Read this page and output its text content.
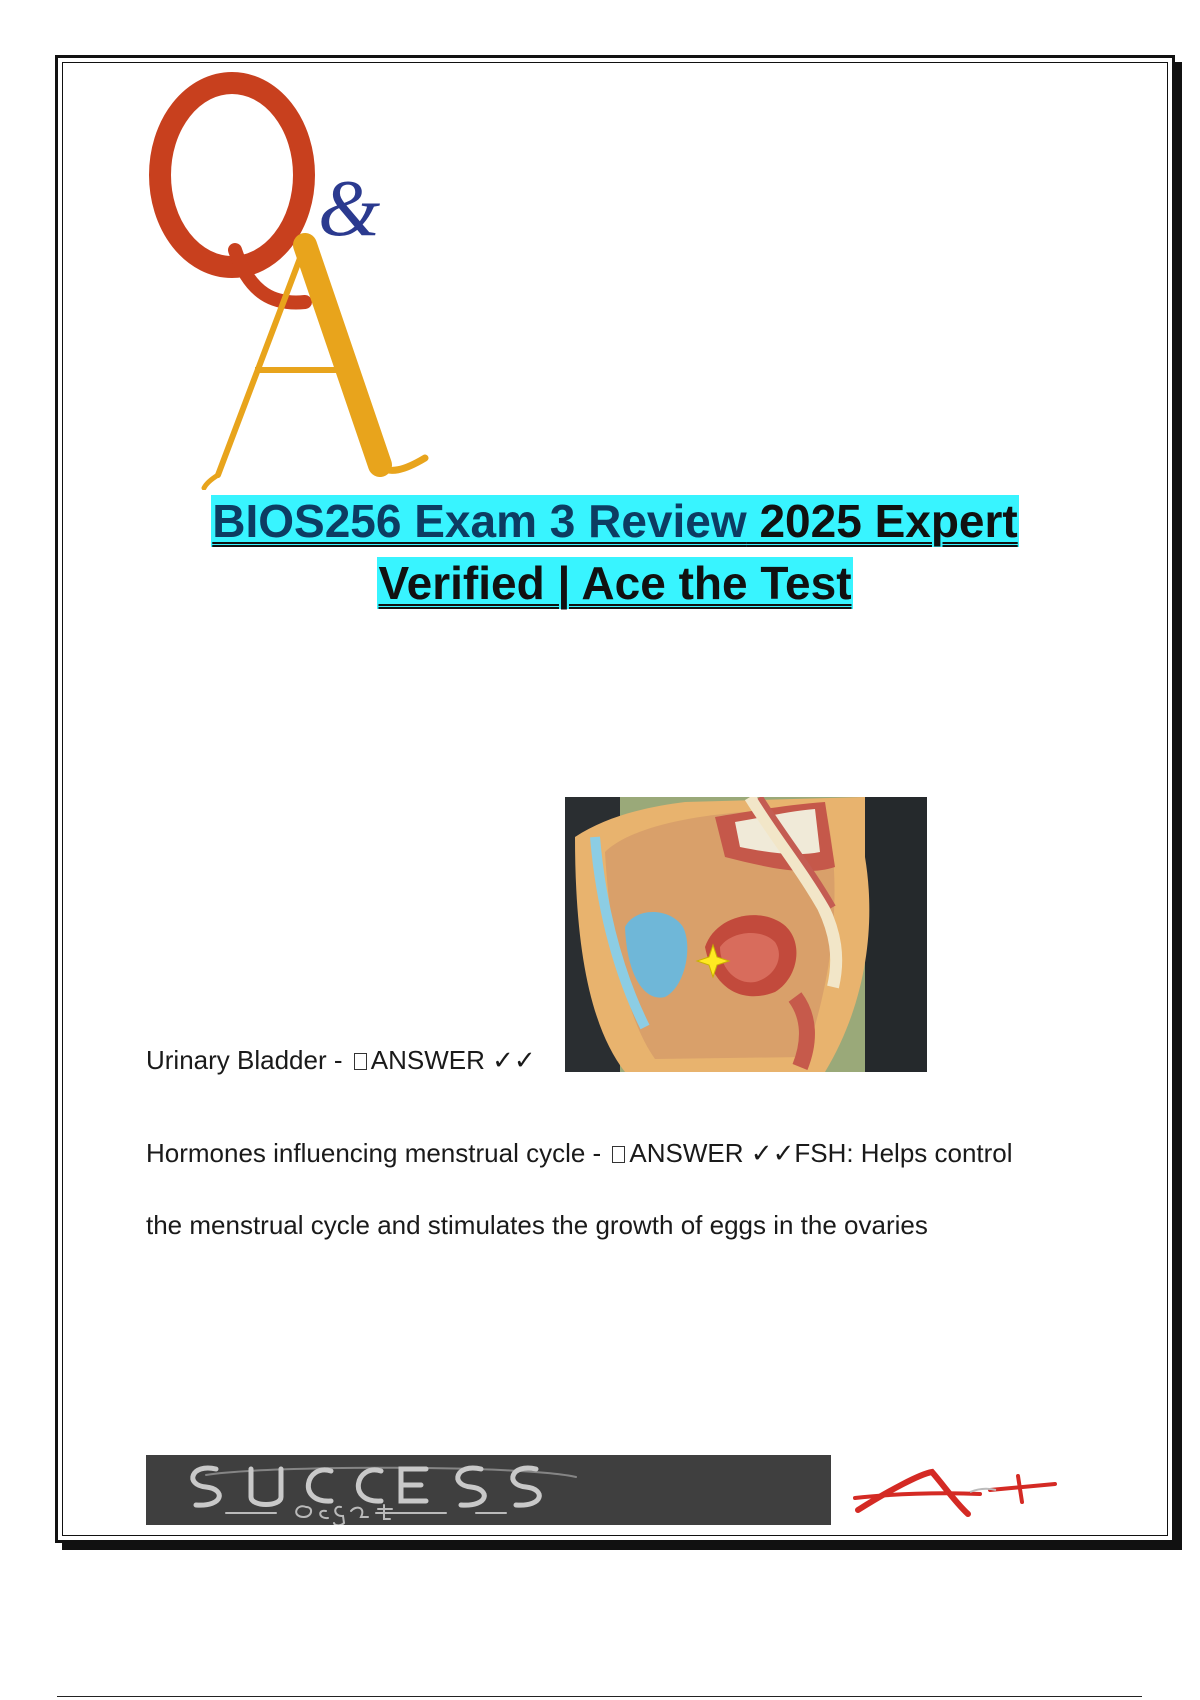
&
BIOS256 Exam 3 Review 2025 Expert
Verified | Ace the Test
Urinary Bladder - ANSWER ✓✓
Hormones influencing menstrual cycle - ANSWER ✓✓FSH: Helps control
the menstrual cycle and stimulates the growth of eggs in the ovaries
